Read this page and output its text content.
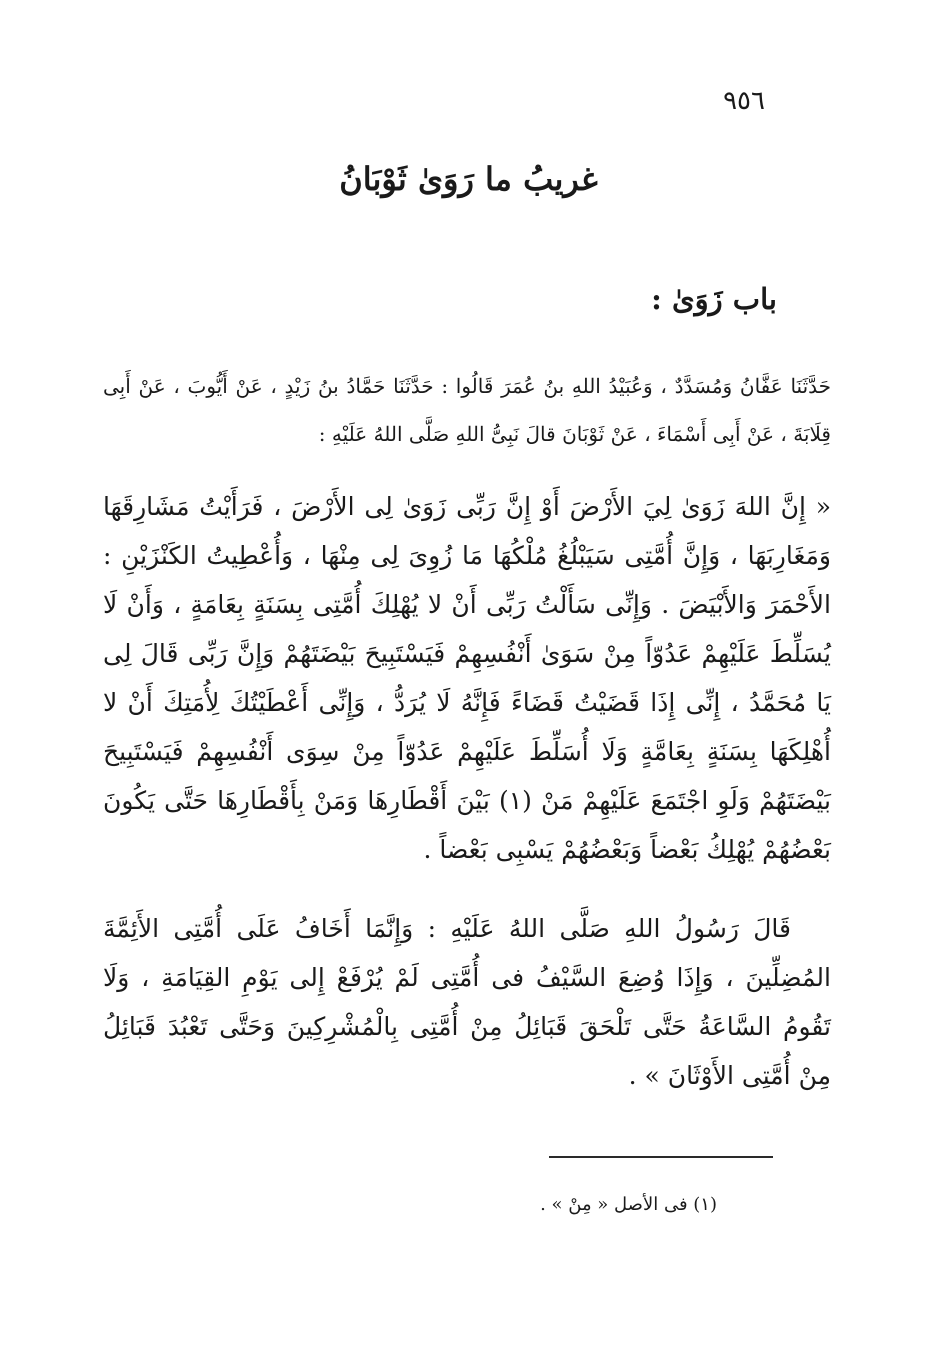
٩٥٦
غريبُ ما رَوَىٰ ثَوْبَانُ
باب زَوَىٰ :

حَدَّثَنَا عَفَّانُ وَمُسَدَّدٌ ، وَعُبَيْدُ اللهِ بنُ عُمَرَ قَالُوا : حَدَّثَنَا حَمَّادُ بنُ زَيْدٍ ، عَنْ أَيُّوبَ ، عَنْ أَبِى قِلَابَةَ ، عَنْ أَبِى أَسْمَاءَ ، عَنْ ثَوْبَانَ قالَ نَبِىُّ اللهِ صَلَّى اللهُ عَلَيْهِ :

« إِنَّ اللهَ زَوَىٰ لِيَ الأَرْضَ أَوْ إِنَّ رَبِّى زَوَىٰ لِى الأَرْضَ ، فَرَأَيْتُ مَشَارِقَهَا وَمَغَارِبَهَا ، وَإِنَّ أُمَّتِى سَيَبْلُغُ مُلْكُهَا مَا زُوِىَ لِى مِنْهَا ، وَأُعْطِيتُ الكَنْزَيْنِ : الأَحْمَرَ وَالأَبْيَضَ . وَإِنِّى سَأَلْتُ رَبِّى أَنْ لا يُهْلِكَ أُمَّتِى بِسَنَةٍ بِعَامَةٍ ، وَأَنْ لَا يُسَلِّطَ عَلَيْهِمْ عَدُوّاً مِنْ سَوَىٰ أَنْفُسِهِمْ فَيَسْتَبِيحَ بَيْضَتَهُمْ وَإِنَّ رَبِّى قَالَ لِى يَا مُحَمَّدُ ، إِنِّى إِذَا قَضَيْتُ قَضَاءً فَإِنَّهُ لَا يُرَدُّ ، وَإِنِّى أَعْطَيْتُكَ لِأُمَتِكَ أَنْ لا أُهْلِكَهَا بِسَنَةٍ بِعَامَّةٍ وَلَا أُسَلِّطَ عَلَيْهِمْ عَدُوّاً مِنْ سِوَى أَنْفُسِهِمْ فَيَسْتَبِيحَ بَيْضَتَهُمْ وَلَوِ اجْتَمَعَ عَلَيْهِمْ مَنْ (١) بَيْنَ أَقْطَارِهَا وَمَنْ بِأَقْطَارِهَا حَتَّى يَكُونَ بَعْضُهُمْ يُهْلِكُ بَعْضاً وَبَعْضُهُمْ يَسْبِى بَعْضاً .

قَالَ رَسُولُ اللهِ صَلَّى اللهُ عَلَيْهِ : وَإِنَّمَا أَخَافُ عَلَى أُمَّتِى الأَئِمَّةَ المُضِلِّينَ ، وَإِذَا وُضِعَ السَّيْفُ فى أُمَّتِى لَمْ يُرْفَعْ إِلى يَوْمِ القِيَامَةِ ، وَلَا تَقُومُ السَّاعَةُ حَتَّى تَلْحَقَ قَبَائِلُ مِنْ أُمَّتِى بِالْمُشْرِكِينَ وَحَتَّى تَعْبُدَ قَبَائِلُ مِنْ أُمَّتِى الأَوْثَانَ » .

(١) فى الأصل « مِنْ » .
